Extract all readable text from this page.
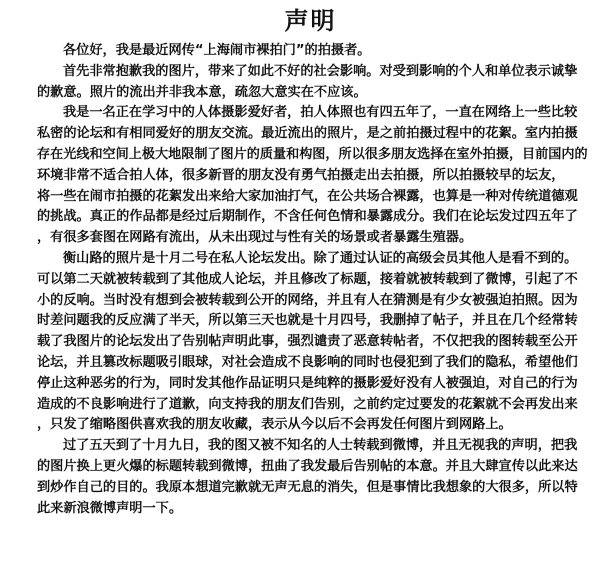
声明
各位好，我是最近网传“上海闹市裸拍门”的拍摄者。
首先非常抱歉我的图片，带来了如此不好的社会影响。对受到影响的个人和单位表示诚挚
的歉意。照片的流出并非我本意，疏忽大意实在不应该。
我是一名正在学习中的人体摄影爱好者，拍人体照也有四五年了，一直在网络上一些比较
私密的论坛和有相同爱好的朋友交流。最近流出的照片，是之前拍摄过程中的花絮。室内拍摄
存在光线和空间上极大地限制了图片的质量和构图，所以很多朋友选择在室外拍摄，目前国内的
环境非常不适合拍人体，很多新晋的朋友没有勇气拍摄走出去拍摄，所以拍摄较早的坛友，
将一些在闹市拍摄的花絮发出来给大家加油打气，在公共场合裸露，也算是一种对传统道德观
的挑战。真正的作品都是经过后期制作，不含任何色情和暴露成分。我们在论坛发过四五年了
，有很多套图在网路有流出，从未出现过与性有关的场景或者暴露生殖器。
衡山路的照片是十月二号在私人论坛发出。除了通过认证的高级会员其他人是看不到的。
可以第二天就被转载到了其他成人论坛，并且修改了标题，接着就被转载到了微博，引起了不
小的反响。当时没有想到会被转载到公开的网络，并且有人在猜测是有少女被强迫拍照。因为
时差问题我的反应满了半天，所以第三天也就是十月四号，我删掉了帖子，并且在几个经常转
载了我图片的论坛发出了告别帖声明此事，强烈谴责了恶意转帖者，不仅把我的图转载至公开
论坛，并且篡改标题吸引眼球，对社会造成不良影响的同时也侵犯到了我们的隐私，希望他们
停止这种恶劣的行为，同时发其他作品证明只是纯粹的摄影爱好没有人被强迫，对自己的行为
造成的不良影响进行了道歉，向支持我的朋友们告别，之前约定过要发的花絮就不会再发出来
，只发了缩略图供喜欢我的朋友收藏，表示从今以后不会再发任何图片到网路上。
过了五天到了十月九日，我的图又被不知名的人士转载到微博，并且无视我的声明，把我
的图片换上更火爆的标题转载到微博，扭曲了我发最后告别帖的本意。并且大肆宣传以此来达
到炒作自己的目的。我原本想道完歉就无声无息的消失，但是事情比我想象的大很多，所以特
此来新浪微博声明一下。
